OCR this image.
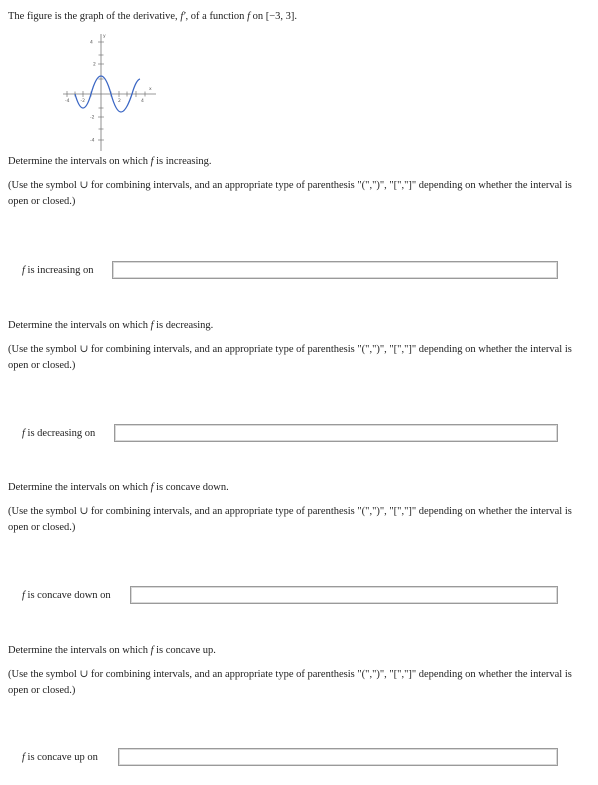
The figure is the graph of the derivative, f′, of a function f on [−3, 3].
-4 -2	2	4
4
2
-2
-4
x
y
Determine the intervals on which f is increasing.
(Use the symbol ∪ for combining intervals, and an appropriate type of parenthesis "(",")", "[","]" depending on whether the interval is open or closed.)
f is increasing on
Determine the intervals on which f is decreasing.
(Use the symbol ∪ for combining intervals, and an appropriate type of parenthesis "(",")", "[","]" depending on whether the interval is open or closed.)
f is decreasing on
Determine the intervals on which f is concave down.
(Use the symbol ∪ for combining intervals, and an appropriate type of parenthesis "(",")", "[","]" depending on whether the interval is open or closed.)
f is concave down on
Determine the intervals on which f is concave up.
(Use the symbol ∪ for combining intervals, and an appropriate type of parenthesis "(",")", "[","]" depending on whether the interval is open or closed.)
f is concave up on
